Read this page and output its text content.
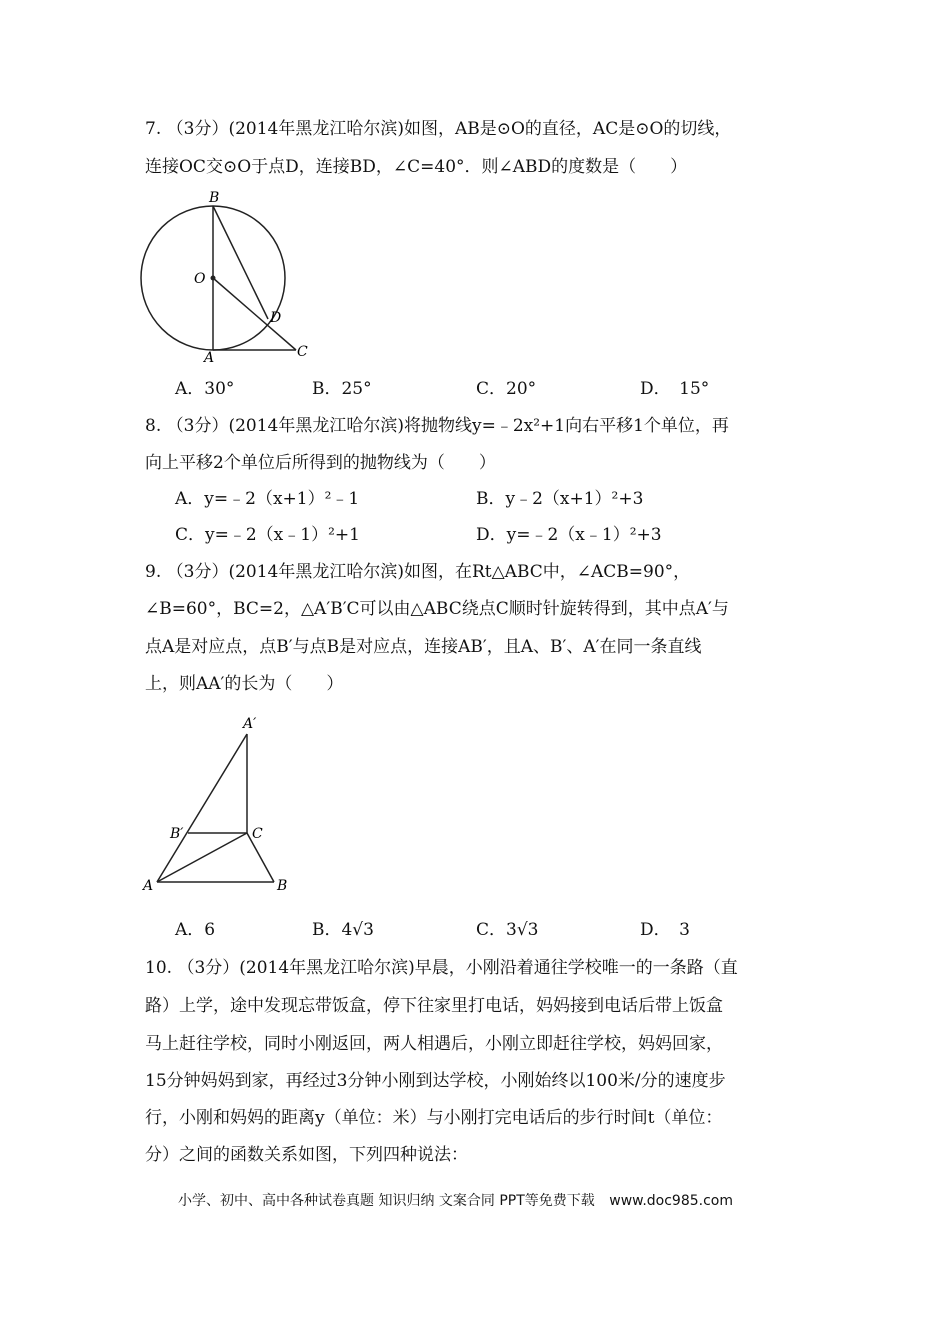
7. （3分）(2014年黑龙江哈尔滨)如图，AB是⊙O的直径，AC是⊙O的切线，
连接OC交⊙O于点D，连接BD，∠C=40°．则∠ABD的度数是（　　）
B
O
D
A	C
A．30°	B．25°	C．20°	D．　15°
8. （3分）(2014年黑龙江哈尔滨)将抛物线y=﹣2x²+1向右平移1个单位，再
向上平移2个单位后所得到的抛物线为（　　）
A．y=﹣2（x+1）²﹣1	B．y﹣2（x+1）²+3
C．y=﹣2（x﹣1）²+1	D．y=﹣2（x﹣1）²+3
9. （3分）(2014年黑龙江哈尔滨)如图，在Rt△ABC中，∠ACB=90°，
∠B=60°，BC=2，△A′B′C可以由△ABC绕点C顺时针旋转得到，其中点A′与
点A是对应点，点B′与点B是对应点，连接AB′，且A、B′、A′在同一条直线
上，则AA′的长为（　　）
A′
B′	C
A	B
A．6	B．4√3	C．3√3	D．　3
10. （3分）(2014年黑龙江哈尔滨)早晨，小刚沿着通往学校唯一的一条路（直
路）上学，途中发现忘带饭盒，停下往家里打电话，妈妈接到电话后带上饭盒
马上赶往学校，同时小刚返回，两人相遇后，小刚立即赶往学校，妈妈回家，
15分钟妈妈到家，再经过3分钟小刚到达学校，小刚始终以100米/分的速度步
行，小刚和妈妈的距离y（单位：米）与小刚打完电话后的步行时间t（单位：
分）之间的函数关系如图，下列四种说法：
小学、初中、高中各种试卷真题 知识归纳 文案合同 PPT等免费下载 www.doc985.com
